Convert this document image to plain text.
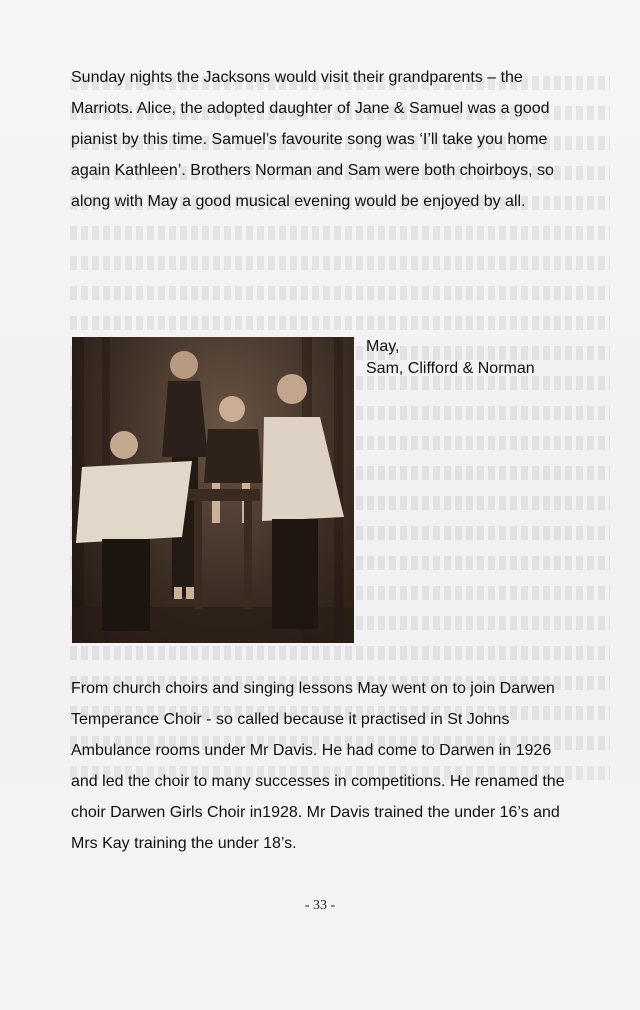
Sunday nights the Jacksons would visit their grandparents – the
Marriots. Alice, the adopted daughter of Jane & Samuel was a good
pianist by this time. Samuel’s favourite song was ‘I’ll take you home
again Kathleen’. Brothers Norman and Sam were both choirboys, so
along with May a good musical evening would be enjoyed by all.

May,
Sam, Clifford & Norman

From church choirs and singing lessons May went on to join Darwen
Temperance Choir - so called because it practised in St Johns
Ambulance rooms under Mr Davis. He had come to Darwen in 1926
and led the choir to many successes in competitions. He renamed the
choir Darwen Girls Choir in1928. Mr Davis trained the under 16’s and
Mrs Kay training the under 18’s.

- 33 -
